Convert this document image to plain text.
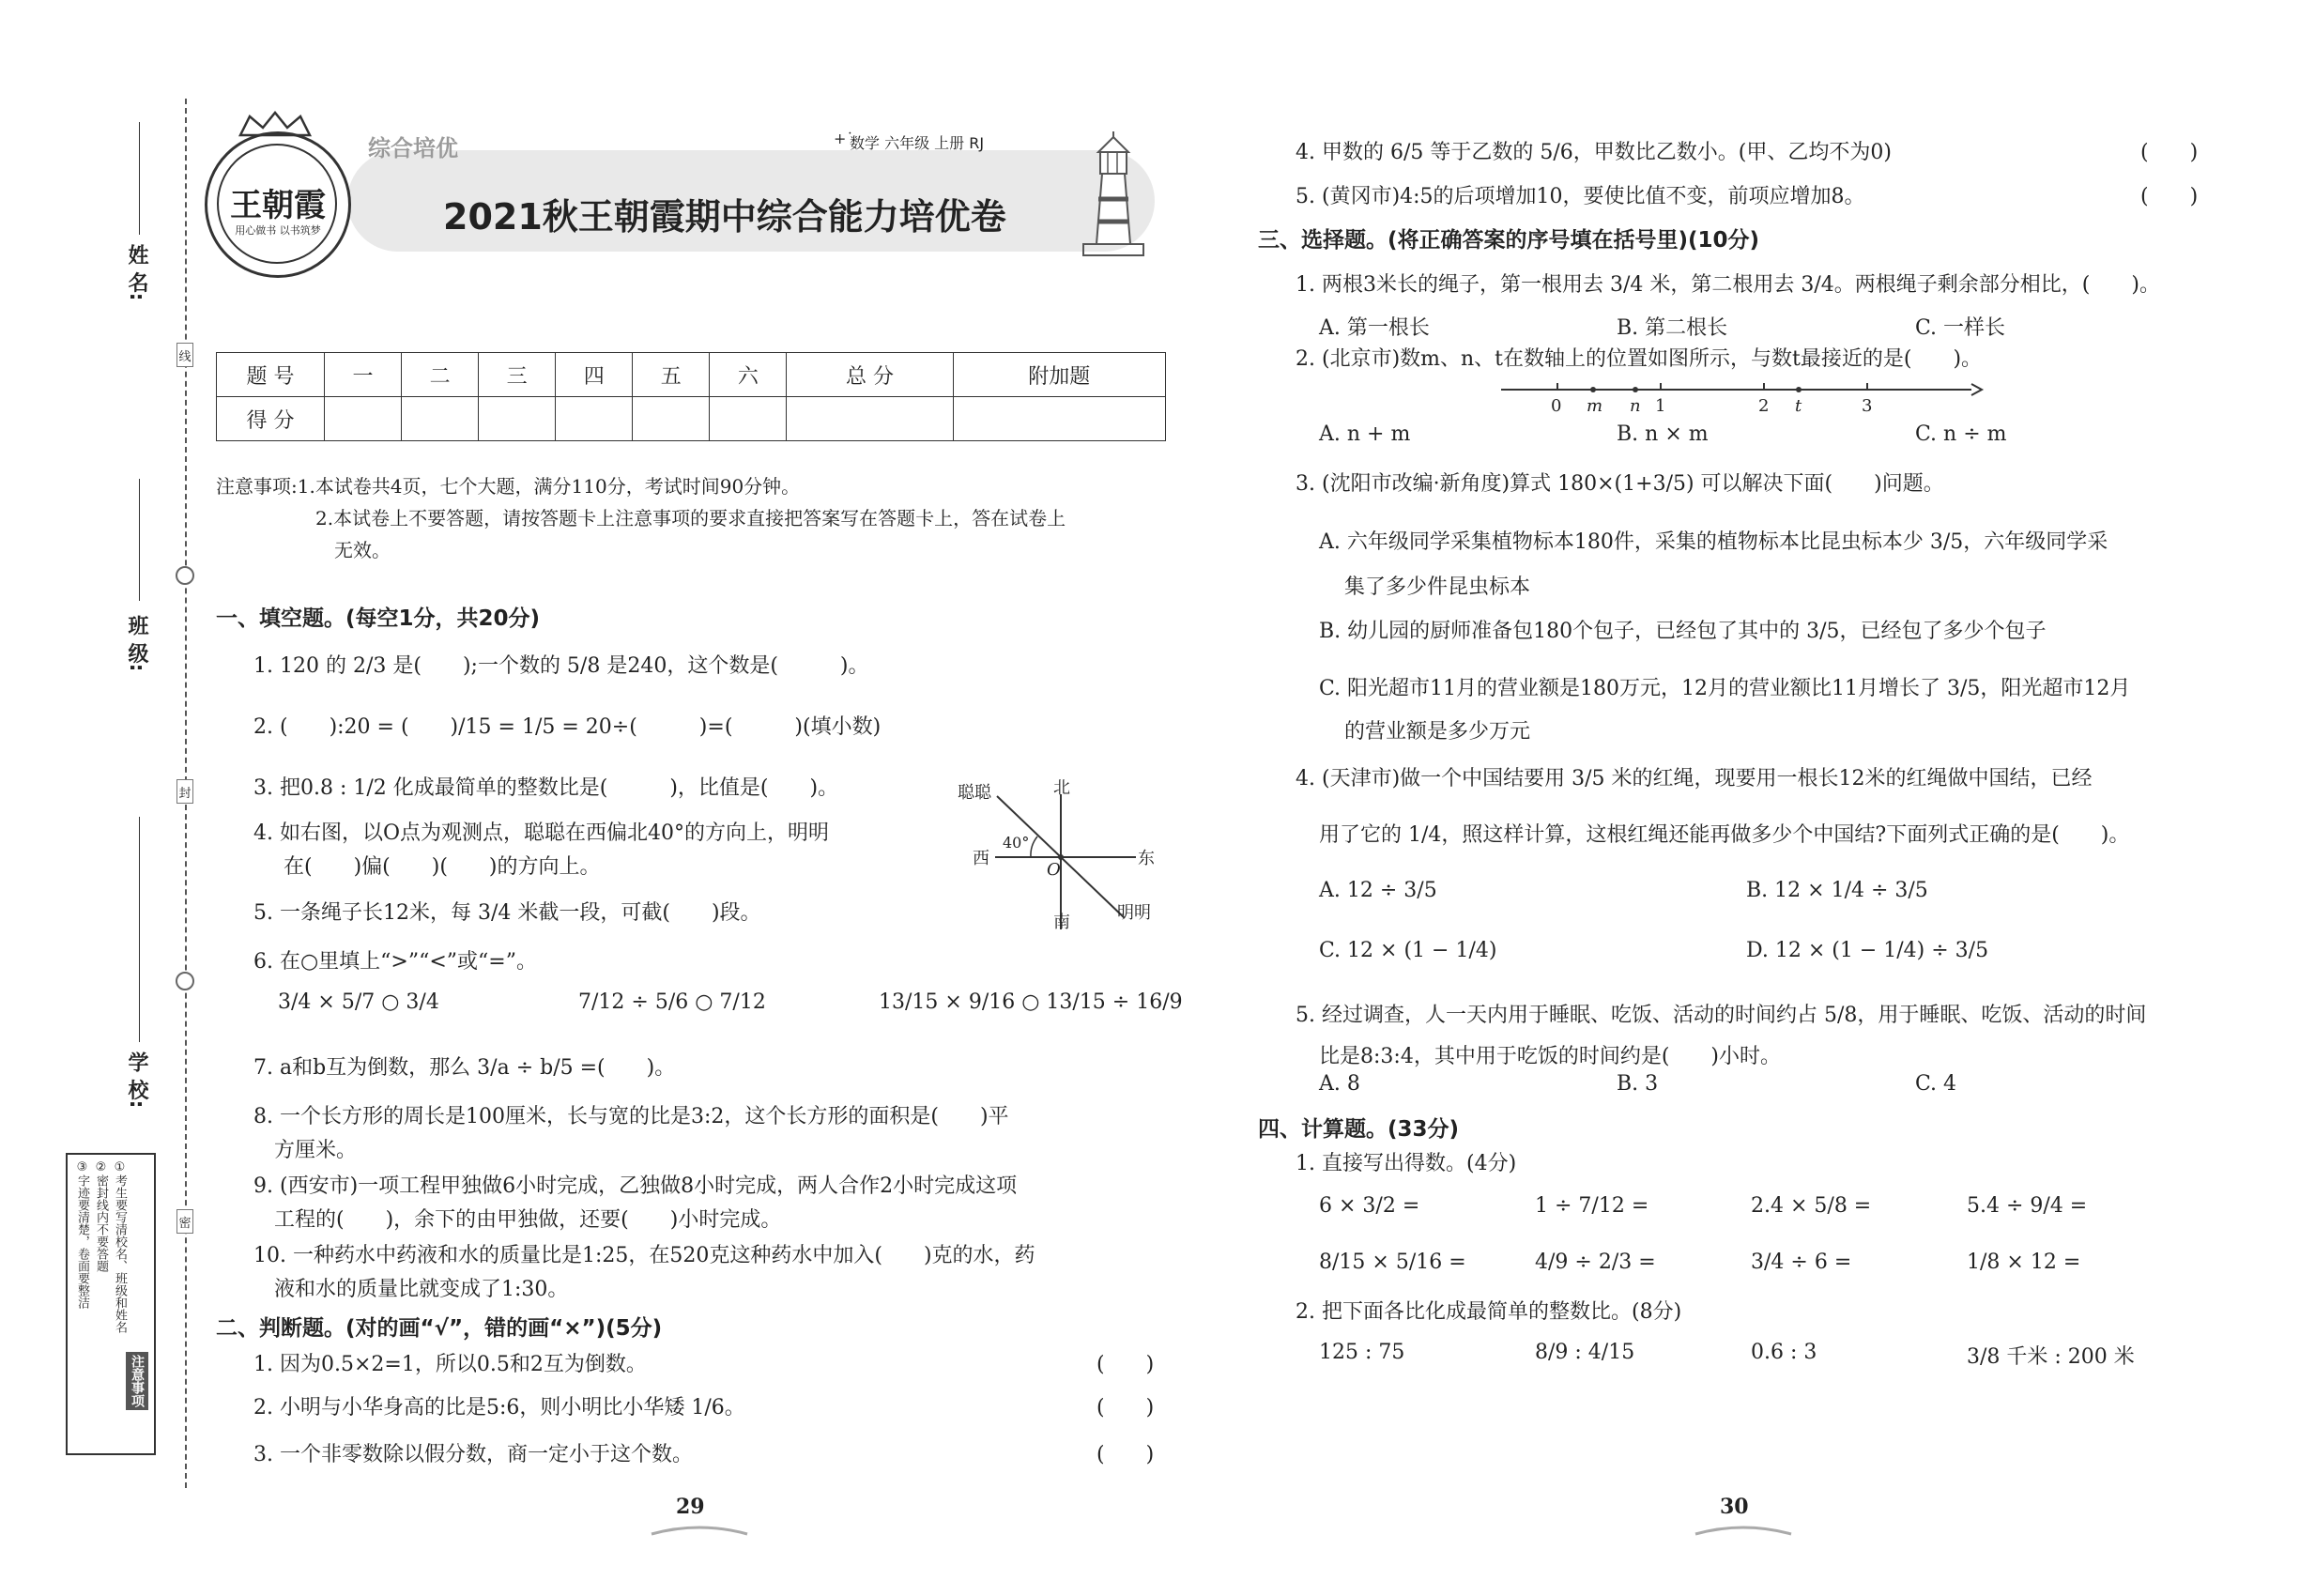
姓 名:
班 级:
学 校:
线
封
密
注意事项
①考生要写清校名、班级和姓名
②密封线内不要答题
③字迹要清楚，卷面要整洁
王朝霞
用心做书 以书筑梦
综合培优	数学 六年级 上册 RJ
+˙
2021秋王朝霞期中综合能力培优卷
题 号	一	二	三	四	五	六	总 分	附加题
得 分								
注意事项:1.本试卷共4页，七个大题，满分110分，考试时间90分钟。
2.本试卷上不要答题，请按答题卡上注意事项的要求直接把答案写在答题卡上，答在试卷上
无效。
一、填空题。(每空1分，共20分)
1. 120 的 2/3 是(　　);一个数的 5/8 是240，这个数是(　　　)。
2. (　　):20 = (　　)/15 = 1/5 = 20÷(　　　)=(　　　)(填小数)
3. 把0.8 : 1/2 化成最简单的整数比是(　　　)，比值是(　　)。
4. 如右图，以O点为观测点，聪聪在西偏北40°的方向上，明明
在(　　)偏(　　)(　　)的方向上。
5. 一条绳子长12米，每 3/4 米截一段，可截(　　)段。
6. 在○里填上“>”“<”或“=”。
3/4 × 5/7 ○ 3/4	7/12 ÷ 5/6 ○ 7/12	13/15 × 9/16 ○ 13/15 ÷ 16/9
7. a和b互为倒数，那么 3/a ÷ b/5 =(　　)。
8. 一个长方形的周长是100厘米，长与宽的比是3:2，这个长方形的面积是(　　)平
方厘米。
9. (西安市)一项工程甲独做6小时完成，乙独做8小时完成，两人合作2小时完成这项
工程的(　　)，余下的由甲独做，还要(　　)小时完成。
10. 一种药水中药液和水的质量比是1:25，在520克这种药水中加入(　　)克的水，药
液和水的质量比就变成了1:30。
北
南
东
西
聪聪
明明
O
40°
二、判断题。(对的画“√”，错的画“×”)(5分)
1. 因为0.5×2=1，所以0.5和2互为倒数。	(　　)
2. 小明与小华身高的比是5:6，则小明比小华矮 1/6。	(　　)
3. 一个非零数除以假分数，商一定小于这个数。	(　　)
29
4. 甲数的 6/5 等于乙数的 5/6，甲数比乙数小。(甲、乙均不为0)	(　　)
5. (黄冈市)4:5的后项增加10，要使比值不变，前项应增加8。	(　　)
三、选择题。(将正确答案的序号填在括号里)(10分)
1. 两根3米长的绳子，第一根用去 3/4 米，第二根用去 3/4。两根绳子剩余部分相比，(　　)。
A. 第一根长	B. 第二根长	C. 一样长
2. (北京市)数m、n、t在数轴上的位置如图所示，与数t最接近的是(　　)。
0 m n 1	2 t	3
A. n + m	B. n × m	C. n ÷ m
3. (沈阳市改编·新角度)算式 180×(1+3/5) 可以解决下面(　　)问题。
A. 六年级同学采集植物标本180件，采集的植物标本比昆虫标本少 3/5，六年级同学采
集了多少件昆虫标本
B. 幼儿园的厨师准备包180个包子，已经包了其中的 3/5，已经包了多少个包子
C. 阳光超市11月的营业额是180万元，12月的营业额比11月增长了 3/5，阳光超市12月
的营业额是多少万元
4. (天津市)做一个中国结要用 3/5 米的红绳，现要用一根长12米的红绳做中国结，已经
用了它的 1/4，照这样计算，这根红绳还能再做多少个中国结?下面列式正确的是(　　)。
A. 12 ÷ 3/5	B. 12 × 1/4 ÷ 3/5
C. 12 × (1 − 1/4)	D. 12 × (1 − 1/4) ÷ 3/5
5. 经过调查，人一天内用于睡眠、吃饭、活动的时间约占 5/8，用于睡眠、吃饭、活动的时间
比是8:3:4，其中用于吃饭的时间约是(　　)小时。
A. 8	B. 3	C. 4
四、计算题。(33分)
1. 直接写出得数。(4分)
6 × 3/2 =	1 ÷ 7/12 =	2.4 × 5/8 =	5.4 ÷ 9/4 =
8/15 × 5/16 =	4/9 ÷ 2/3 =	3/4 ÷ 6 =	1/8 × 12 =
2. 把下面各比化成最简单的整数比。(8分)
125 : 75	8/9 : 4/15	0.6 : 3	3/8 千米 : 200 米
30
